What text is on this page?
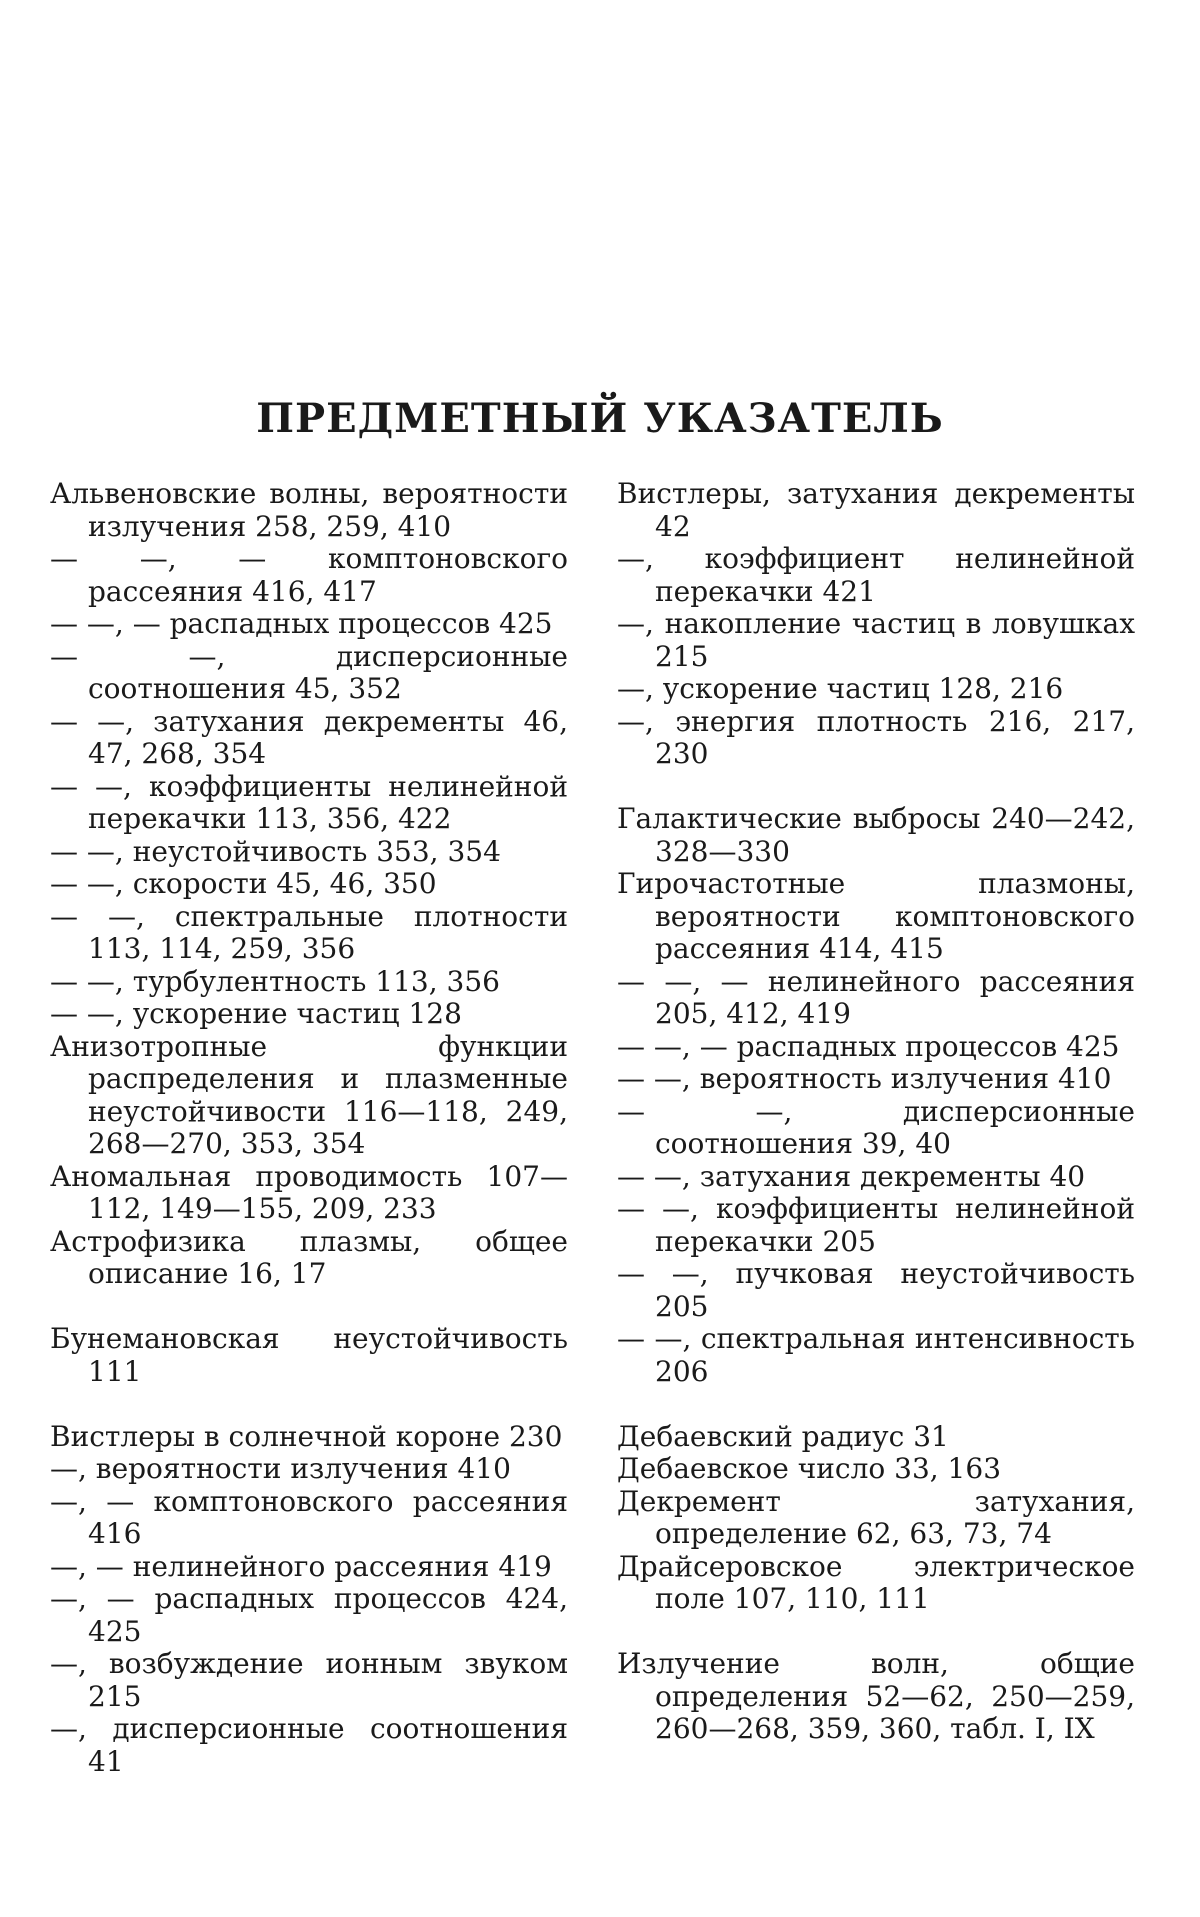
ПРЕДМЕТНЫЙ УКАЗАТЕЛЬ

Альвеновские волны, вероятности излучения 258, 259, 410

— —, — комптоновского рассеяния 416, 417

— —, — распадных процессов 425

— —, дисперсионные соотношения 45, 352

— —, затухания декременты 46, 47, 268, 354

— —, коэффициенты нелинейной перекачки 113, 356, 422

— —, неустойчивость 353, 354

— —, скорости 45, 46, 350

— —, спектральные плотности 113, 114, 259, 356

— —, турбулентность 113, 356

— —, ускорение частиц 128

Анизотропные функции распределения и плазменные неустойчивости 116—118, 249, 268—270, 353, 354

Аномальная проводимость 107—112, 149—155, 209, 233

Астрофизика плазмы, общее описание 16, 17

Бунемановская неустойчивость 111

Вистлеры в солнечной короне 230

—, вероятности излучения 410

—, — комптоновского рассеяния 416

—, — нелинейного рассеяния 419

—, — распадных процессов 424, 425

—, возбуждение ионным звуком 215

—, дисперсионные соотношения 41

Вистлеры, затухания декременты 42

—, коэффициент нелинейной перекачки 421

—, накопление частиц в ловушках 215

—, ускорение частиц 128, 216

—, энергия плотность 216, 217, 230

Галактические выбросы 240—242, 328—330

Гирочастотные плазмоны, вероятности комптоновского рассеяния 414, 415

— —, — нелинейного рассеяния 205, 412, 419

— —, — распадных процессов 425

— —, вероятность излучения 410

— —, дисперсионные соотношения 39, 40

— —, затухания декременты 40

— —, коэффициенты нелинейной перекачки 205

— —, пучковая неустойчивость 205

— —, спектральная интенсивность 206

Дебаевский радиус 31

Дебаевское число 33, 163

Декремент затухания, определение 62, 63, 73, 74

Драйсеровское электрическое поле 107, 110, 111

Излучение волн, общие определения 52—62, 250—259, 260—268, 359, 360, табл. I, IX
